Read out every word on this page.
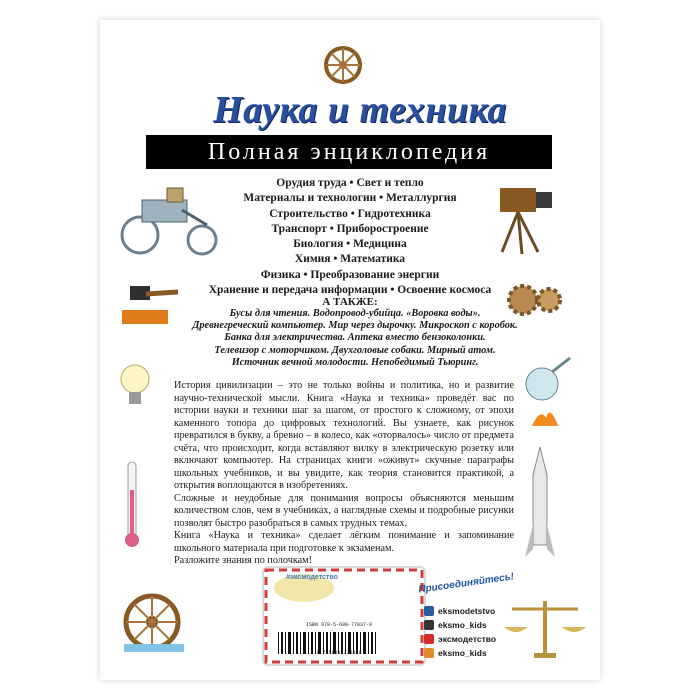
Наука и техника
Полная энциклопедия
Орудия труда • Свет и тепло
Материалы и технологии • Металлургия
Строительство • Гидротехника
Транспорт • Приборостроение
Биология • Медицина
Химия • Математика
Физика • Преобразование энергии
Хранение и передача информации • Освоение космоса
А ТАКЖЕ:
Бусы для чтения. Водопровод-убийца. «Воровка воды».
Древнегреческий компьютер. Мир через дырочку. Микроскоп с коробок.
Банка для электричества. Аптека вместо бензоколонки.
Телевизор с моторчиком. Двухголовые собаки. Мирный атом.
Источник вечной молодости. Непобедимый Тьюринг.

История цивилизации – это не только войны и политика, но и развитие научно-технической мысли. Книга «Наука и техника» проведёт вас по истории науки и техники шаг за шагом, от простого к сложному, от эпохи каменного топора до цифровых технологий. Вы узнаете, как рисунок превратился в букву, а бревно – в колесо, как «оторвалось» число от предмета счёта, что происходит, когда вставляют вилку в электрическую розетку или включают компьютер. На страницах книги «оживут» скучные параграфы школьных учебников, и вы увидите, как теория становится практикой, а открытия воплощаются в изобретениях.

Сложные и неудобные для понимания вопросы объясняются меньшим количеством слов, чем в учебниках, а наглядные схемы и подробные рисунки позволят быстро разобраться в самых трудных темах.

Книга «Наука и техника» сделает лёгким понимание и запоминание школьного материала при подготовке к экзаменам.

Разложите знания по полочкам!

#эксмодетство
ISBN 978-5-699-77837-9
9 785699 778379
Присоединяйтесь!
eksmodetstvo
eksmo_kids
эксмодетство
eksmo_kids
